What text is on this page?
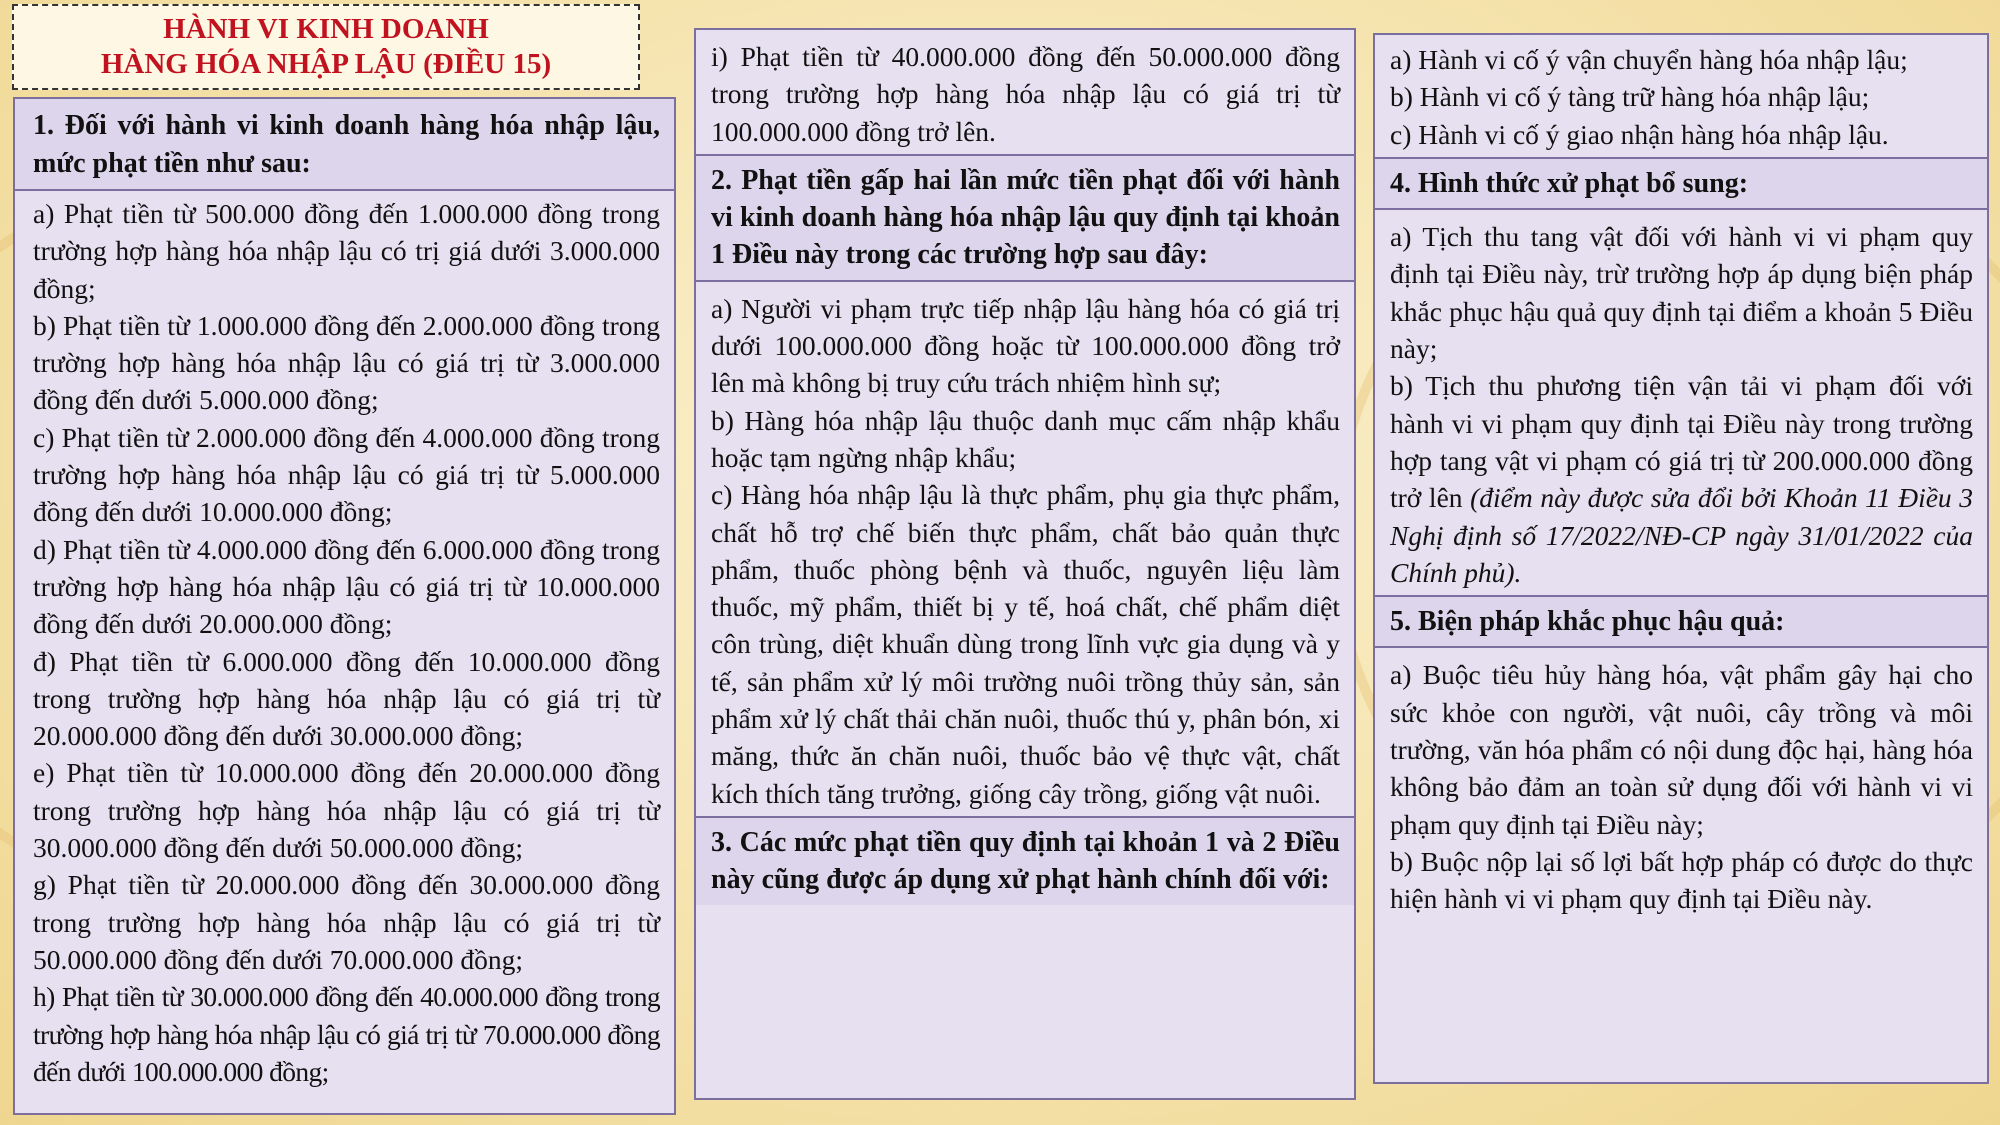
HÀNH VI KINH DOANH
HÀNG HÓA NHẬP LẬU (ĐIỀU 15)

1. Đối với hành vi kinh doanh hàng hóa nhập lậu, mức phạt tiền như sau:

a) Phạt tiền từ 500.000 đồng đến 1.000.000 đồng trong trường hợp hàng hóa nhập lậu có trị giá dưới 3.000.000 đồng;

b) Phạt tiền từ 1.000.000 đồng đến 2.000.000 đồng trong trường hợp hàng hóa nhập lậu có giá trị từ 3.000.000 đồng đến dưới 5.000.000 đồng;

c) Phạt tiền từ 2.000.000 đồng đến 4.000.000 đồng trong trường hợp hàng hóa nhập lậu có giá trị từ 5.000.000 đồng đến dưới 10.000.000 đồng;

d) Phạt tiền từ 4.000.000 đồng đến 6.000.000 đồng trong trường hợp hàng hóa nhập lậu có giá trị từ 10.000.000 đồng đến dưới 20.000.000 đồng;

đ) Phạt tiền từ 6.000.000 đồng đến 10.000.000 đồng trong trường hợp hàng hóa nhập lậu có giá trị từ 20.000.000 đồng đến dưới 30.000.000 đồng;

e) Phạt tiền từ 10.000.000 đồng đến 20.000.000 đồng trong trường hợp hàng hóa nhập lậu có giá trị từ 30.000.000 đồng đến dưới 50.000.000 đồng;

g) Phạt tiền từ 20.000.000 đồng đến 30.000.000 đồng trong trường hợp hàng hóa nhập lậu có giá trị từ 50.000.000 đồng đến dưới 70.000.000 đồng;

h) Phạt tiền từ 30.000.000 đồng đến 40.000.000 đồng trong trường hợp hàng hóa nhập lậu có giá trị từ 70.000.000 đồng đến dưới 100.000.000 đồng;

i) Phạt tiền từ 40.000.000 đồng đến 50.000.000 đồng trong trường hợp hàng hóa nhập lậu có giá trị từ 100.000.000 đồng trở lên.

2. Phạt tiền gấp hai lần mức tiền phạt đối với hành vi kinh doanh hàng hóa nhập lậu quy định tại khoản 1 Điều này trong các trường hợp sau đây:

a) Người vi phạm trực tiếp nhập lậu hàng hóa có giá trị dưới 100.000.000 đồng hoặc từ 100.000.000 đồng trở lên mà không bị truy cứu trách nhiệm hình sự;

b) Hàng hóa nhập lậu thuộc danh mục cấm nhập khẩu hoặc tạm ngừng nhập khẩu;

c) Hàng hóa nhập lậu là thực phẩm, phụ gia thực phẩm, chất hỗ trợ chế biến thực phẩm, chất bảo quản thực phẩm, thuốc phòng bệnh và thuốc, nguyên liệu làm thuốc, mỹ phẩm, thiết bị y tế, hoá chất, chế phẩm diệt côn trùng, diệt khuẩn dùng trong lĩnh vực gia dụng và y tế, sản phẩm xử lý môi trường nuôi trồng thủy sản, sản phẩm xử lý chất thải chăn nuôi, thuốc thú y, phân bón, xi măng, thức ăn chăn nuôi, thuốc bảo vệ thực vật, chất kích thích tăng trưởng, giống cây trồng, giống vật nuôi.

3. Các mức phạt tiền quy định tại khoản 1 và 2 Điều này cũng được áp dụng xử phạt hành chính đối với:

a) Hành vi cố ý vận chuyển hàng hóa nhập lậu;

b) Hành vi cố ý tàng trữ hàng hóa nhập lậu;

c) Hành vi cố ý giao nhận hàng hóa nhập lậu.

4. Hình thức xử phạt bổ sung:

a) Tịch thu tang vật đối với hành vi vi phạm quy định tại Điều này, trừ trường hợp áp dụng biện pháp khắc phục hậu quả quy định tại điểm a khoản 5 Điều này;

b) Tịch thu phương tiện vận tải vi phạm đối với hành vi vi phạm quy định tại Điều này trong trường hợp tang vật vi phạm có giá trị từ 200.000.000 đồng trở lên (điểm này được sửa đổi bởi Khoản 11 Điều 3 Nghị định số 17/2022/NĐ-CP ngày 31/01/2022 của Chính phủ).

5. Biện pháp khắc phục hậu quả:

a) Buộc tiêu hủy hàng hóa, vật phẩm gây hại cho sức khỏe con người, vật nuôi, cây trồng và môi trường, văn hóa phẩm có nội dung độc hại, hàng hóa không bảo đảm an toàn sử dụng đối với hành vi vi phạm quy định tại Điều này;

b) Buộc nộp lại số lợi bất hợp pháp có được do thực hiện hành vi vi phạm quy định tại Điều này.
